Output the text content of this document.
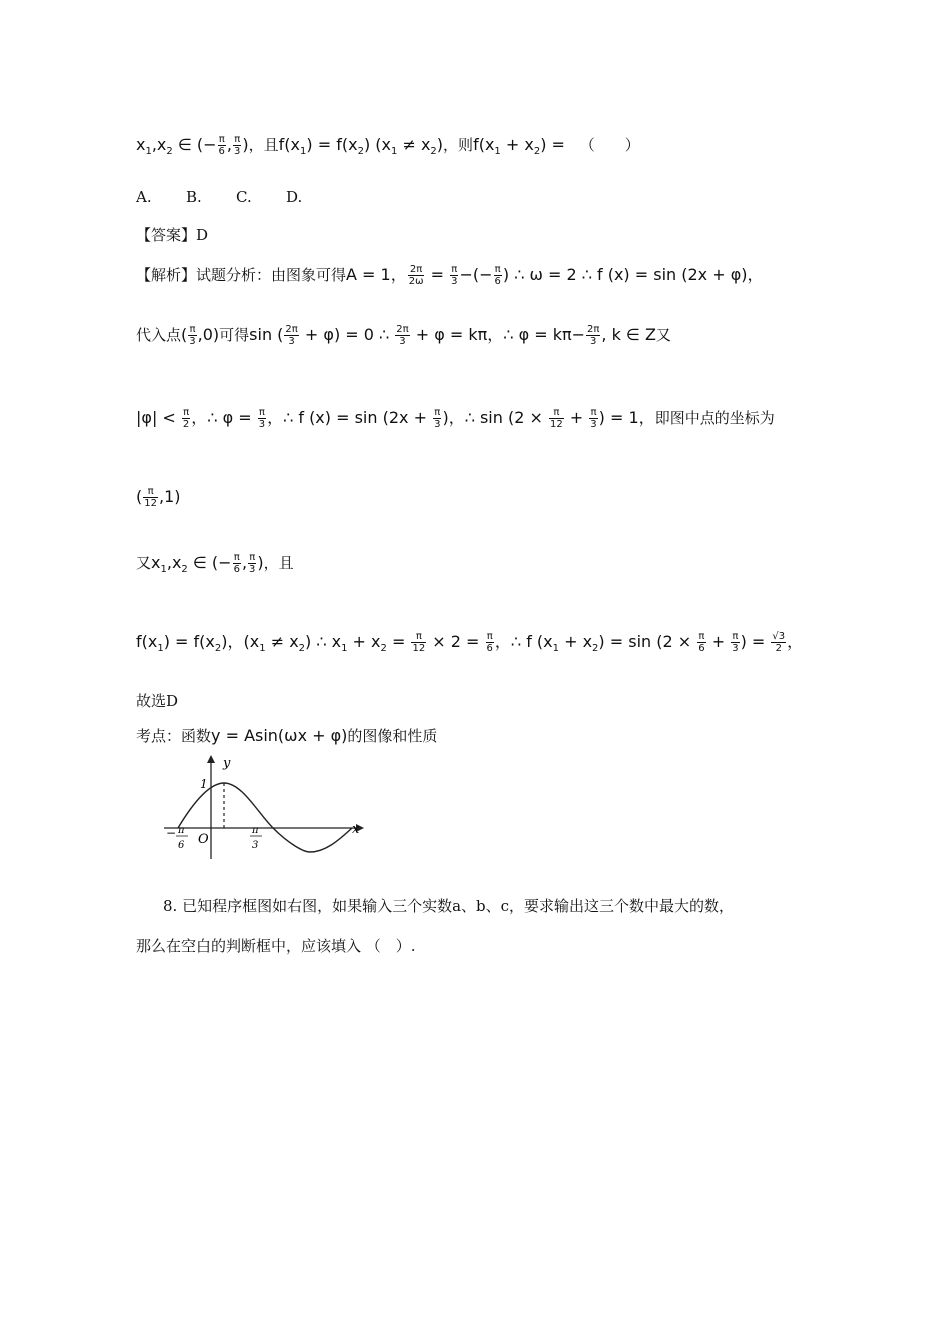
$x_1,x_2$ ∈ (− $\frac{\pi}{6}$ , $\frac{\pi}{3}$ )，且$f(x_1) = f(x_2) (x_1 \ne x_2)$，则$f(x_1 + x_2)$ = （　　）
A. B. C. D.
【答案】D
【解析】试题分析：由图象可得A = 1， $\frac{2\pi}{2\omega} = \frac{\pi}{3}$ −(− $\frac{\pi}{6}$ ) ∴ ω = 2 ∴ f (x) = sin (2x + φ)，
代入点( $\frac{\pi}{3} ,0$)可得sin ( $\frac{2\pi}{3} + \varphi) = 0$ ∴ $\frac{2\pi}{3} + \varphi = k\pi$，∴ $\varphi = k\pi- \frac{2\pi}{3}$ , k ∈ Z又
$|\varphi| < \frac{\pi}{2}$ ，∴ $\varphi = \frac{\pi}{3}$ ，∴ f $(x) = \sin (2x + \frac{\pi}{3}$ )，∴ $\sin (2 \times \frac{\pi}{12} + \frac{\pi}{3}$ ) = 1，即图中点的坐标为
( $\frac{\pi}{12} ,1$)
又$x_1,x_2$ ∈ (− $\frac{\pi}{6}$ , $\frac{\pi}{3}$ )，且
$f(x_1) = f(x_2)$，$(x_1 \ne x_2)$ ∴ $x_1 + x_2 = \frac{\pi}{12} \times 2 = \frac{\pi}{6}$ ，∴ f $(x_1 + x_2) = \sin (2 \times \frac{\pi}{6} + \frac{\pi}{3}$ ) = $\frac{√3}{2}$ ，
故选D
考点：函数y = Asin(ωx + φ)的图像和性质
y
x
1
O
− π
6
π
3
8. 已知程序框图如右图，如果输入三个实数a、b、c，要求输出这三个数中最大的数，
那么在空白的判断框中，应该填入 （　）.
